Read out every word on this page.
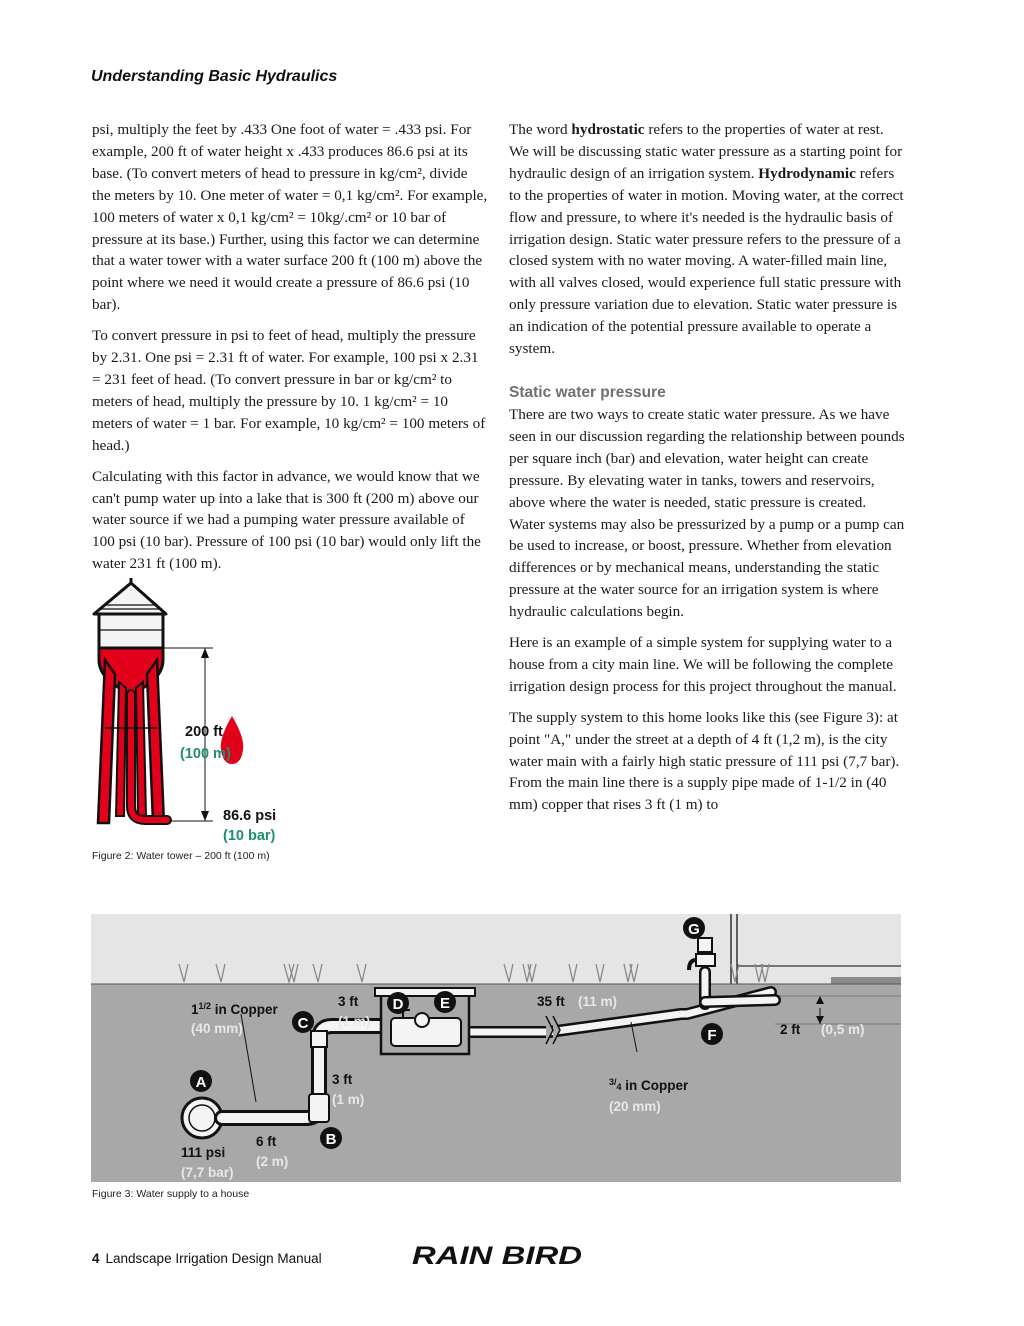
Understanding Basic Hydraulics

psi, multiply the feet by .433 One foot of water = .433 psi. For example, 200 ft of water height x .433 produces 86.6 psi at its base. (To convert meters of head to pressure in kg/cm², divide the meters by 10. One meter of water = 0,1 kg/cm². For example, 100 meters of water x 0,1 kg/cm² = 10kg/.cm² or 10 bar of pressure at its base.) Further, using this factor we can determine that a water tower with a water surface 200 ft (100 m) above the point where we need it would create a pressure of 86.6 psi (10 bar).

To convert pressure in psi to feet of head, multiply the pressure by 2.31. One psi = 2.31 ft of water. For example, 100 psi x 2.31 = 231 feet of head. (To convert pressure in bar or kg/cm² to meters of head, multiply the pressure by 10. 1 kg/cm² = 10 meters of water = 1 bar. For example, 10 kg/cm² = 100 meters of head.)

Calculating with this factor in advance, we would know that we can't pump water up into a lake that is 300 ft (200 m) above our water source if we had a pumping water pressure available of 100 psi (10 bar). Pressure of 100 psi (10 bar) would only lift the water 231 ft (100 m).

The word hydrostatic refers to the properties of water at rest. We will be discussing static water pressure as a starting point for hydraulic design of an irrigation system. Hydrodynamic refers to the properties of water in motion. Moving water, at the correct flow and pressure, to where it's needed is the hydraulic basis of irrigation design. Static water pressure refers to the pressure of a closed system with no water moving. A water-filled main line, with all valves closed, would experience full static pressure with only pressure variation due to elevation. Static water pressure is an indication of the potential pressure available to operate a system.

Static water pressure

There are two ways to create static water pressure. As we have seen in our discussion regarding the relationship between pounds per square inch (bar) and elevation, water height can create pressure. By elevating water in tanks, towers and reservoirs, above where the water is needed, static pressure is created. Water systems may also be pressurized by a pump or a pump can be used to increase, or boost, pressure. Whether from elevation differences or by mechanical means, understanding the static pressure at the water source for an irrigation system is where hydraulic calculations begin.

Here is an example of a simple system for supplying water to a house from a city main line. We will be following the complete irrigation design process for this project throughout the manual.

The supply system to this home looks like this (see Figure 3): at point "A," under the street at a depth of 4 ft (1,2 m), is the city water main with a fairly high static pressure of 111 psi (7,7 bar). From the main line there is a supply pipe made of 1-1/2 in (40 mm) copper that rises 3 ft (1 m) to

200 ft
(100 m)
86.6 psi
(10 bar)
Figure 2: Water tower – 200 ft (100 m)
A
B
C
D E
F
G
$1^{1/2}$ in Copper
(40 mm)
3 ft
(1 m)
3 ft
(1 m)
6 ft
(2 m)
111 psi
(7,7 bar)
35 ft (11 m)
$^3/_4$ in Copper
(20 mm)
2 ft (0,5 m)
Figure 3: Water supply to a house
4 Landscape Irrigation Design Manual	RAIN BIRD
